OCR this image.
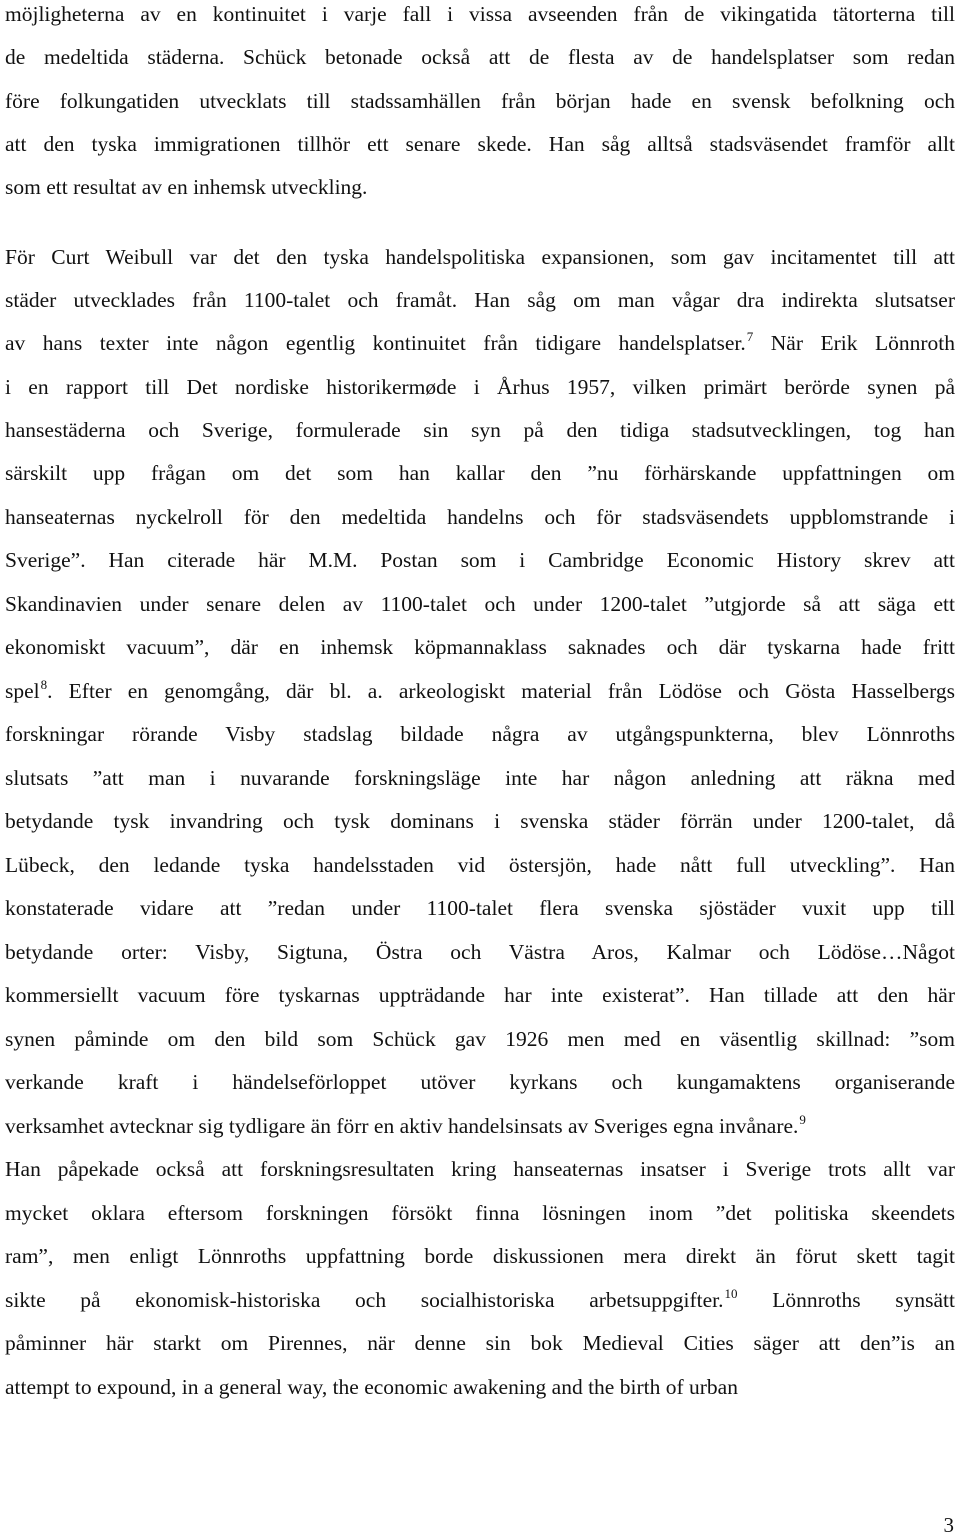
möjligheterna av en kontinuitet i varje fall i vissa avseenden från de vikingatida tätorterna till
de medeltida städerna. Schück betonade också att de flesta av de handelsplatser som redan
före folkungatiden utvecklats till stadssamhällen från början hade en svensk befolkning och
att den tyska immigrationen tillhör ett senare skede. Han såg alltså stadsväsendet framför allt
som ett resultat av en inhemsk utveckling.
För Curt Weibull var det den tyska handelspolitiska expansionen, som gav incitamentet till att
städer utvecklades från 1100-talet och framåt. Han såg om man vågar dra indirekta slutsatser
av hans texter inte någon egentlig kontinuitet från tidigare handelsplatser.$^7$ När Erik Lönnroth
i en rapport till Det nordiske historikermøde i Århus 1957, vilken primärt berörde synen på
hansestäderna och Sverige, formulerade sin syn på den tidiga stadsutvecklingen, tog han
särskilt upp frågan om det som han kallar den ”nu förhärskande uppfattningen om
hanseaternas nyckelroll för den medeltida handelns och för stadsväsendets uppblomstrande i
Sverige”. Han citerade här M.M. Postan som i Cambridge Economic History skrev att
Skandinavien under senare delen av 1100-talet och under 1200-talet ”utgjorde så att säga ett
ekonomiskt vacuum”, där en inhemsk köpmannaklass saknades och där tyskarna hade fritt
spel$^8$. Efter en genomgång, där bl. a. arkeologiskt material från Lödöse och Gösta Hasselbergs
forskningar rörande Visby stadslag bildade några av utgångspunkterna, blev Lönnroths
slutsats ”att man i nuvarande forskningsläge inte har någon anledning att räkna med
betydande tysk invandring och tysk dominans i svenska städer förrän under 1200-talet, då
Lübeck, den ledande tyska handelsstaden vid östersjön, hade nått full utveckling”. Han
konstaterade vidare att ”redan under 1100-talet flera svenska sjöstäder vuxit upp till
betydande orter: Visby, Sigtuna, Östra och Västra Aros, Kalmar och Lödöse…Något
kommersiellt vacuum före tyskarnas uppträdande har inte existerat”. Han tillade att den här
synen påminde om den bild som Schück gav 1926 men med en väsentlig skillnad: ”som
verkande kraft i händelseförloppet utöver kyrkans och kungamaktens organiserande
verksamhet avtecknar sig tydligare än förr en aktiv handelsinsats av Sveriges egna invånare.$^9$
Han påpekade också att forskningsresultaten kring hanseaternas insatser i Sverige trots allt var
mycket oklara eftersom forskningen försökt finna lösningen inom ”det politiska skeendets
ram”, men enligt Lönnroths uppfattning borde diskussionen mera direkt än förut skett tagit
sikte på ekonomisk-historiska och socialhistoriska arbetsuppgifter.$^{10}$ Lönnroths synsätt
påminner här starkt om Pirennes, när denne sin bok Medieval Cities säger att den”is an
attempt to expound, in a general way, the economic awakening and the birth of urban
3
